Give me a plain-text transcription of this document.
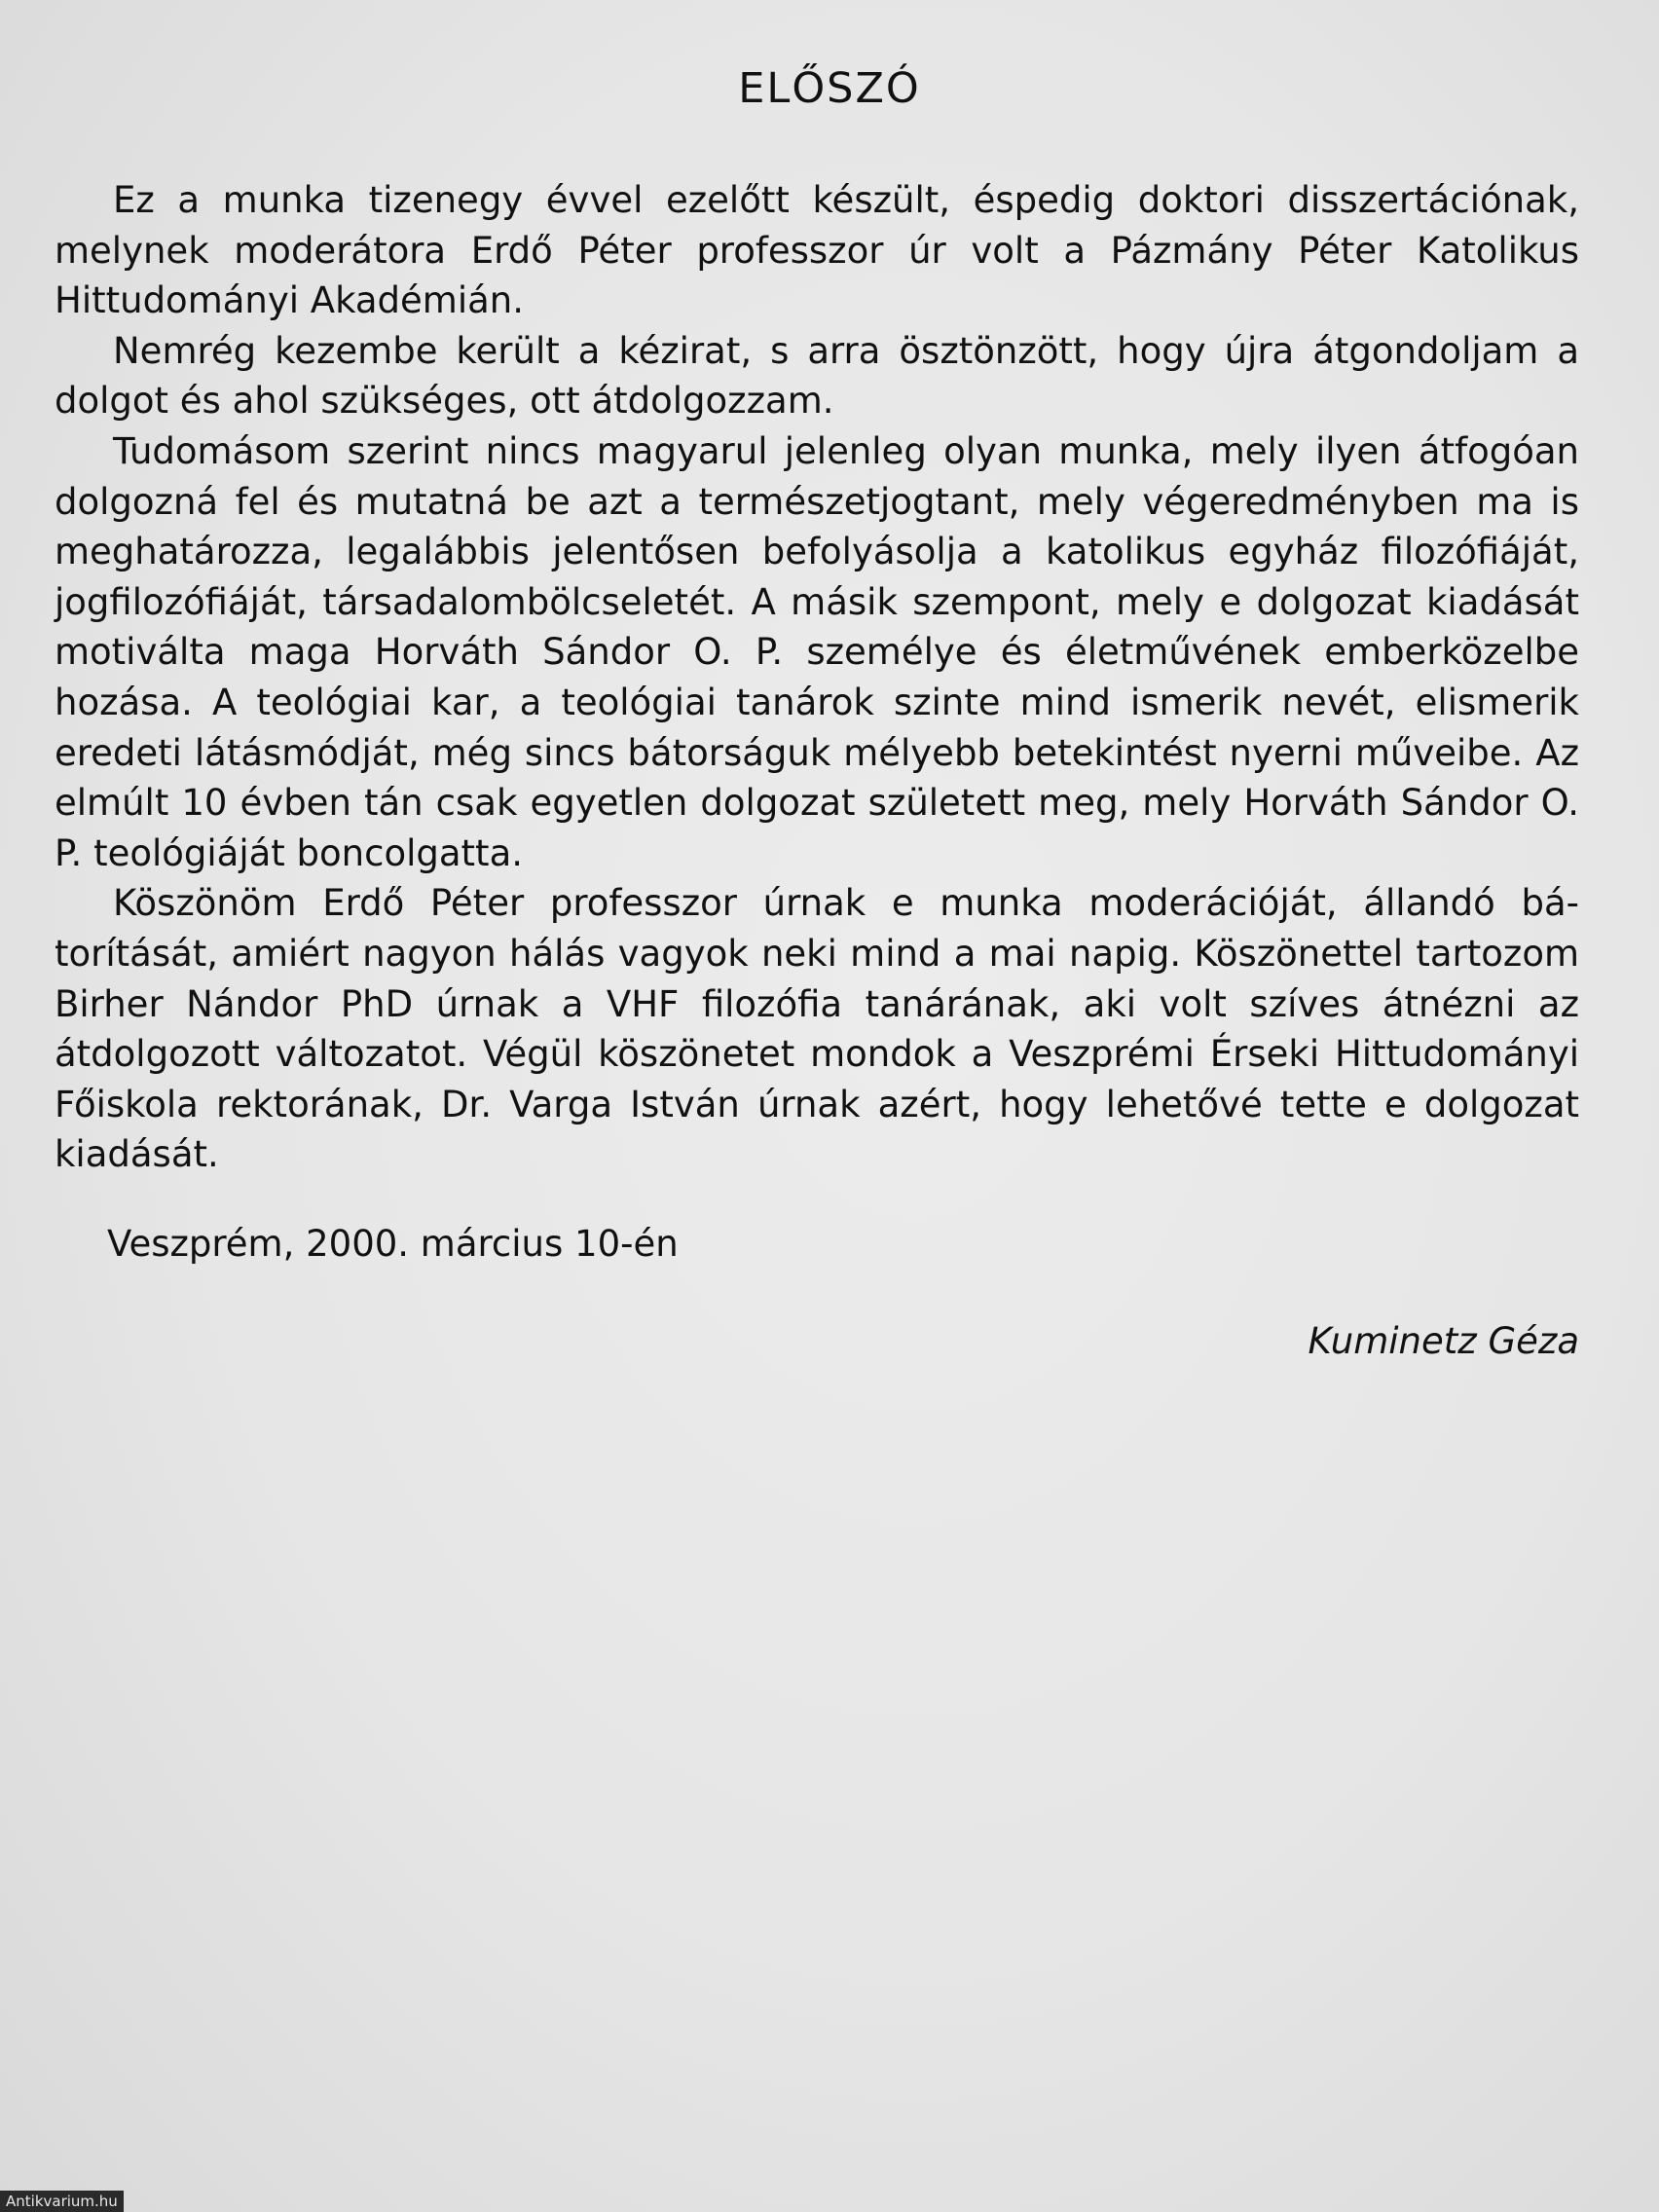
ELŐSZÓ

Ez a munka tizenegy évvel ezelőtt készült, éspedig doktori disszertációnak, melynek moderátora Erdő Péter professzor úr volt a Pázmány Péter Katolikus Hittudományi Akadémián.

Nemrég kezembe került a kézirat, s arra ösztönzött, hogy újra átgondoljam a dolgot és ahol szükséges, ott átdolgozzam.

Tudomásom szerint nincs magyarul jelenleg olyan munka, mely ilyen átfogóan dolgozná fel és mutatná be azt a természetjogtant, mely végeredményben ma is meghatározza, legalábbis jelentősen befolyásolja a katolikus egyház filozófiáját, jogfilozófiáját, társadalombölcseletét. A másik szempont, mely e dolgozat kiadását motiválta maga Horváth Sándor O. P. személye és életművének emberközelbe hozása. A teológiai kar, a teológiai tanárok szinte mind ismerik nevét, elismerik eredeti látásmódját, még sincs bátorságuk mélyebb betekintést nyerni műveibe. Az elmúlt 10 évben tán csak egyetlen dolgozat született meg, mely Horváth Sándor O. P. teológiáját boncolgatta.

Köszönöm Erdő Péter professzor úrnak e munka moderációját, állandó bátorítását, amiért nagyon hálás vagyok neki mind a mai napig. Köszönettel tartozom Birher Nándor PhD úrnak a VHF filozófia tanárának, aki volt szíves átnézni az átdolgozott változatot. Végül köszönetet mondok a Veszprémi Érseki Hittudományi Főiskola rektorának, Dr. Varga István úrnak azért, hogy lehetővé tette e dolgozat kiadását.

Veszprém, 2000. március 10-én

Kuminetz Géza

Antikvarium.hu
